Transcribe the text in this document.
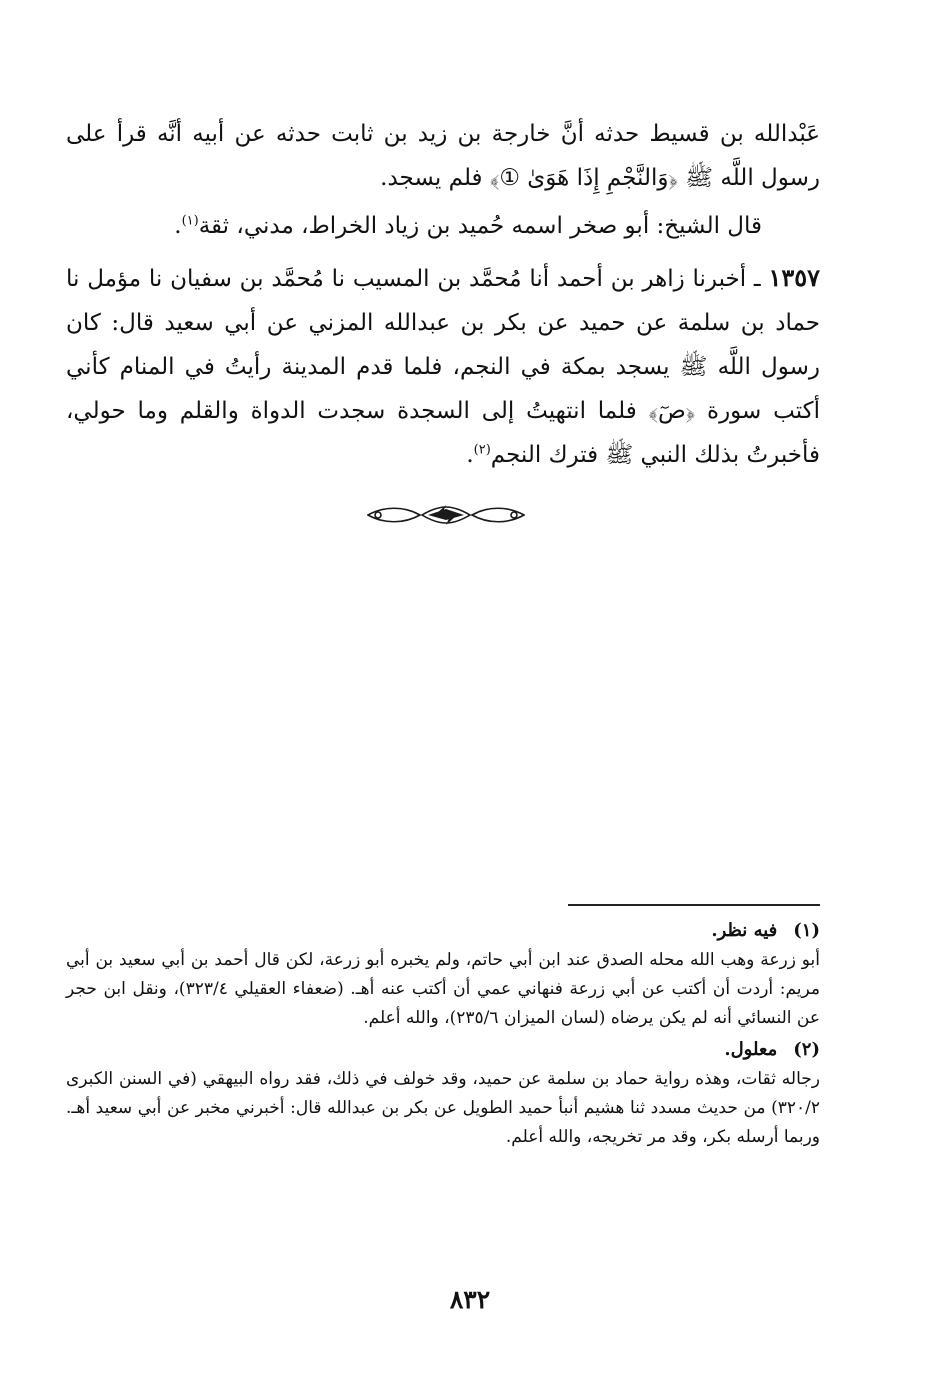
عَبْدالله بن قسيط حدثه أنَّ خارجة بن زيد بن ثابت حدثه عن أبيه أنَّه قرأ على رسول اللَّه ﷺ ﴿وَالنَّجْمِ إِذَا هَوَىٰ ①﴾ فلم يسجد.

قال الشيخ: أبو صخر اسمه حُميد بن زياد الخراط، مدني، ثقة$^{(١)}$.

١٣٥٧ ـ أخبرنا زاهر بن أحمد أنا مُحمَّد بن المسيب نا مُحمَّد بن سفيان نا مؤمل نا حماد بن سلمة عن حميد عن بكر بن عبدالله المزني عن أبي سعيد قال: كان رسول اللَّه ﷺ يسجد بمكة في النجم، فلما قدم المدينة رأيتُ في المنام كأني أكتب سورة ﴿صٓ﴾ فلما انتهيتُ إلى السجدة سجدت الدواة والقلم وما حولي، فأخبرتُ بذلك النبي ﷺ فترك النجم$^{(٢)}$.

(١)
فيه نظر.

أبو زرعة وهب الله محله الصدق عند ابن أبي حاتم، ولم يخبره أبو زرعة، لكن قال أحمد بن أبي سعيد بن أبي مريم: أردت أن أكتب عن أبي زرعة فنهاني عمي أن أكتب عنه أهـ. (ضعفاء العقيلي ٣٢٣/٤)، ونقل ابن حجر عن النسائي أنه لم يكن يرضاه (لسان الميزان ٢٣٥/٦)، والله أعلم.

(٢)
معلول.

رجاله ثقات، وهذه رواية حماد بن سلمة عن حميد، وقد خولف في ذلك، فقد رواه البيهقي (في السنن الكبرى ٣٢٠/٢) من حديث مسدد ثنا هشيم أنبأ حميد الطويل عن بكر بن عبدالله قال: أخبرني مخبر عن أبي سعيد أهـ. وربما أرسله بكر، وقد مر تخريجه، والله أعلم.

٨٣٢
